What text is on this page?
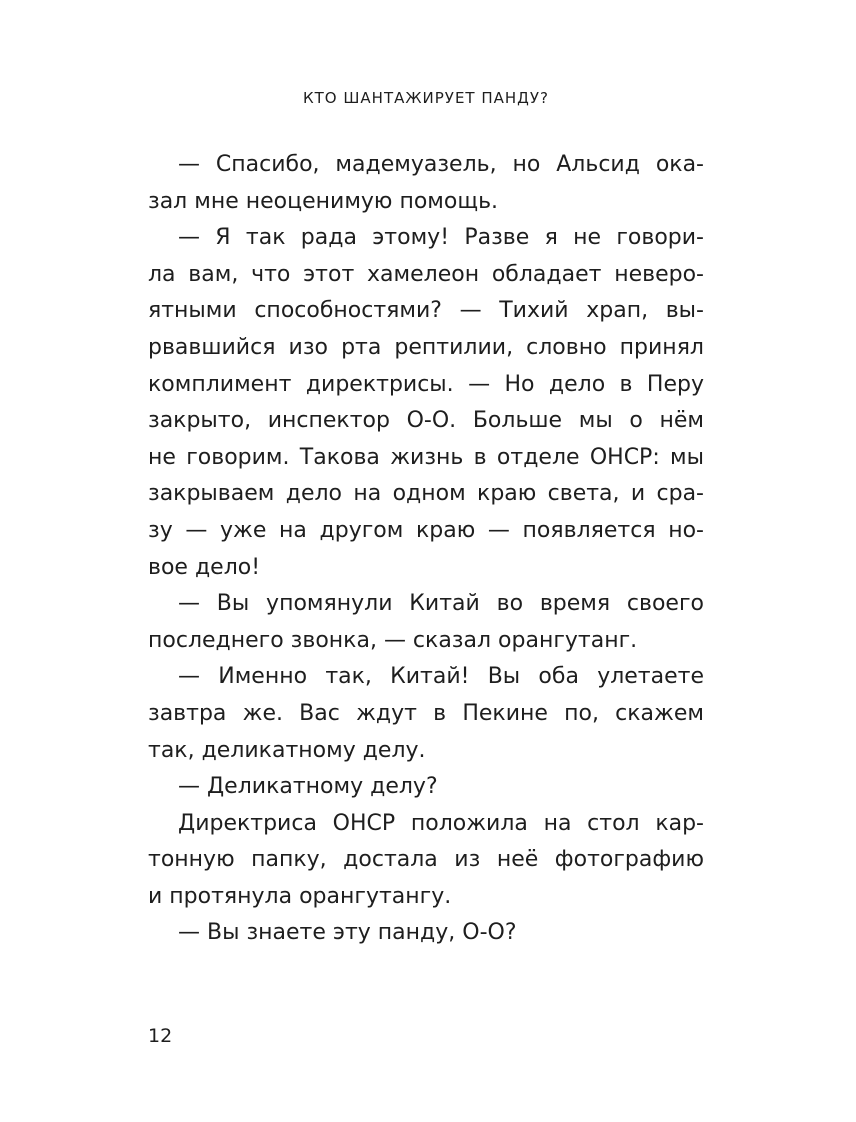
КТО ШАНТАЖИРУЕТ ПАНДУ?
— Спасибо, мадемуазель, но Альсид ока-
зал мне неоценимую помощь.
— Я так рада этому! Разве я не говори-
ла вам, что этот хамелеон обладает неверо-
ятными способностями? — Тихий храп, вы-
рвавшийся изо рта рептилии, словно принял
комплимент директрисы. — Но дело в Перу
закрыто, инспектор О-О. Больше мы о нём
не говорим. Такова жизнь в отделе ОНСР: мы
закрываем дело на одном краю света, и сра-
зу — уже на другом краю — появляется но-
вое дело!
— Вы упомянули Китай во время своего
последнего звонка, — сказал орангутанг.
— Именно так, Китай! Вы оба улетаете
завтра же. Вас ждут в Пекине по, скажем
так, деликатному делу.
— Деликатному делу?
Директриса ОНСР положила на стол кар-
тонную папку, достала из неё фотографию
и протянула орангутангу.
— Вы знаете эту панду, О-О?
12
